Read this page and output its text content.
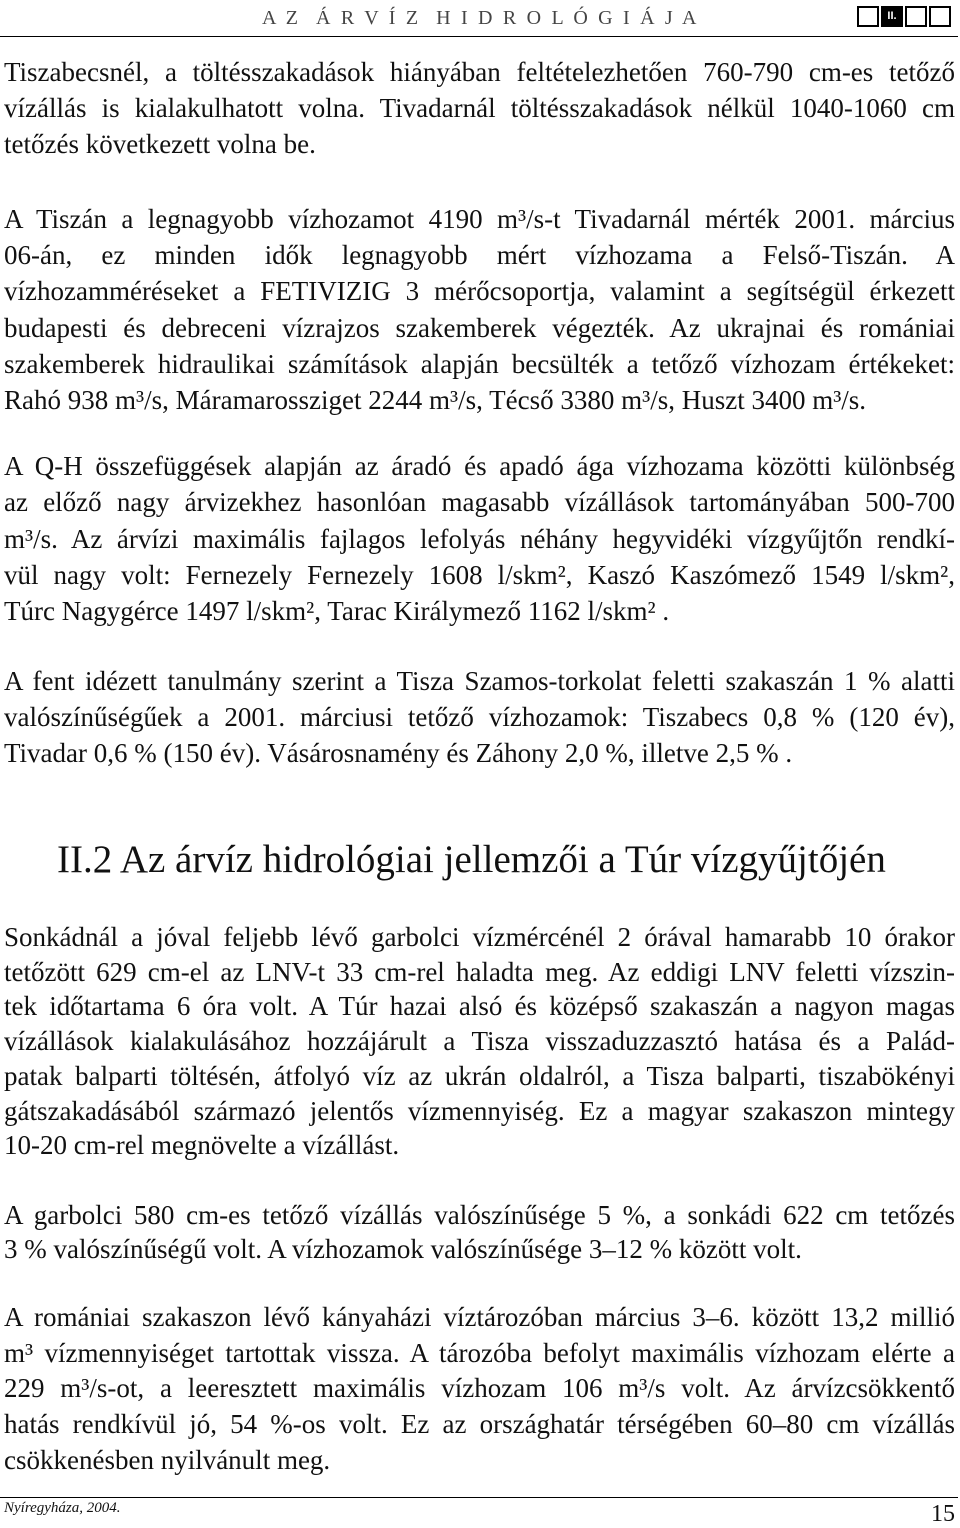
A Z  Á R V Í Z  H I D R O L Ó G I Á J A	II.
Tiszabecsnél, a töltésszakadások hiányában feltételezhetően 760-790 cm-es tetőző
vízállás is kialakulhatott volna. Tivadarnál töltésszakadások nélkül 1040-1060 cm
tetőzés következett volna be.
A Tiszán a legnagyobb vízhozamot 4190 m³/s-t Tivadarnál mérték 2001. március
06-án, ez minden idők legnagyobb mért vízhozama a Felső-Tiszán. A
vízhozamméréseket a FETIVIZIG 3 mérőcsoportja, valamint a segítségül érkezett
budapesti és debreceni vízrajzos szakemberek végezték. Az ukrajnai és romániai
szakemberek hidraulikai számítások alapján becsülték a tetőző vízhozam értékeket:
Rahó 938 m³/s, Máramarossziget 2244 m³/s, Técső 3380 m³/s, Huszt 3400 m³/s.
A Q-H összefüggések alapján az áradó és apadó ága vízhozama közötti különbség
az előző nagy árvizekhez hasonlóan magasabb vízállások tartományában 500-700
m³/s. Az árvízi maximális fajlagos lefolyás néhány hegyvidéki vízgyűjtőn rendkí-
vül nagy volt: Fernezely Fernezely 1608 l/skm², Kaszó Kaszómező 1549 l/skm²,
Túrc Nagygérce 1497 l/skm², Tarac Királymező 1162 l/skm² .
A fent idézett tanulmány szerint a Tisza Szamos-torkolat feletti szakaszán 1 % alatti
valószínűségűek a 2001. márciusi tetőző vízhozamok: Tiszabecs 0,8 % (120 év),
Tivadar 0,6 % (150 év). Vásárosnamény és Záhony 2,0 %, illetve 2,5 % .
II.2 Az árvíz hidrológiai jellemzői a Túr vízgyűjtőjén
Sonkádnál a jóval feljebb lévő garbolci vízmércénél 2 órával hamarabb 10 órakor
tetőzött 629 cm-el az LNV-t 33 cm-rel haladta meg. Az eddigi LNV feletti vízszin-
tek időtartama 6 óra volt. A Túr hazai alsó és középső szakaszán a nagyon magas
vízállások kialakulásához hozzájárult a Tisza visszaduzzasztó hatása és a Palád-
patak balparti töltésén, átfolyó víz az ukrán oldalról, a Tisza balparti, tiszabökényi
gátszakadásából származó jelentős vízmennyiség. Ez a magyar szakaszon mintegy
10-20 cm-rel megnövelte a vízállást.
A garbolci 580 cm-es tetőző vízállás valószínűsége 5 %, a sonkádi 622 cm tetőzés
3 % valószínűségű volt. A vízhozamok valószínűsége 3–12 % között volt.
A romániai szakaszon lévő kányaházi víztározóban március 3–6. között 13,2 millió
m³ vízmennyiséget tartottak vissza. A tározóba befolyt maximális vízhozam elérte a
229 m³/s-ot, a leeresztett maximális vízhozam 106 m³/s volt. Az árvízcsökkentő
hatás rendkívül jó, 54 %-os volt. Ez az országhatár térségében 60–80 cm vízállás
csökkenésben nyilvánult meg.
Nyíregyháza, 2004.	15
